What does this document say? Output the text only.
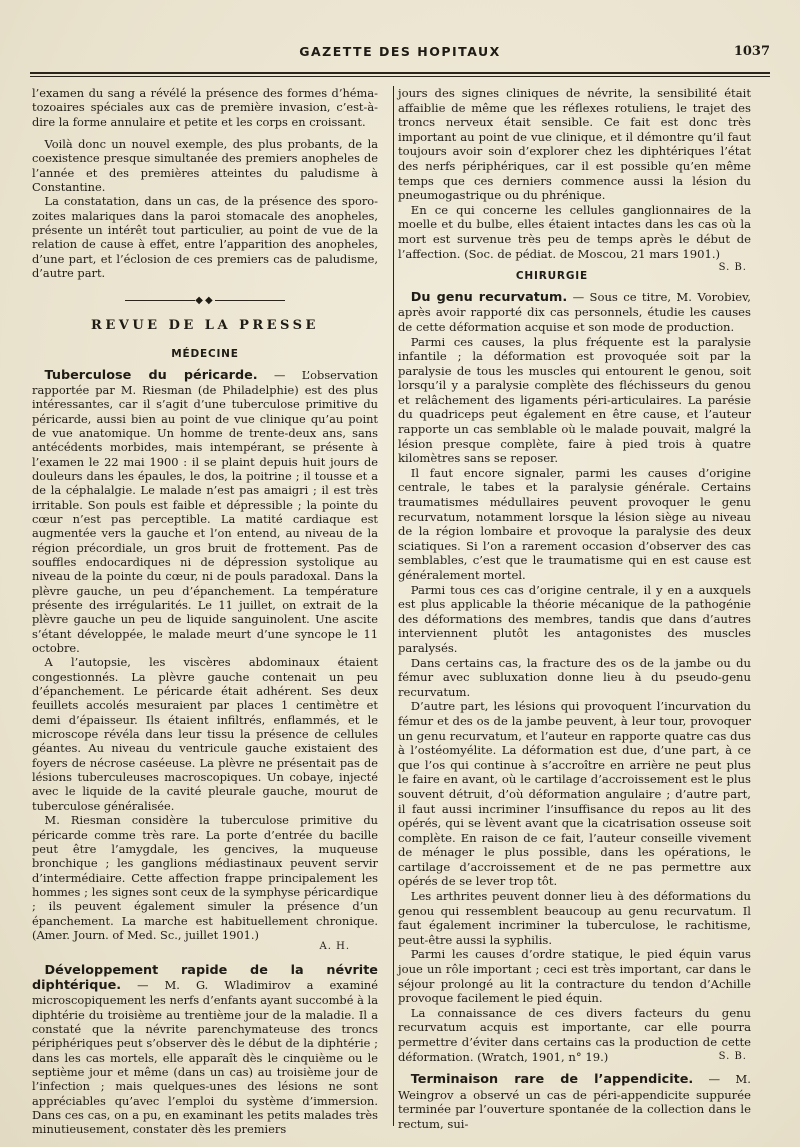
GAZETTE DES HOPITAUX	1037

l’examen du sang a révélé la présence des formes d’héma-tozoaires spéciales aux cas de première invasion, c’est-à-dire la forme annulaire et petite et les corps en croissant.

Voilà donc un nouvel exemple, des plus probants, de la coexistence presque simultanée des premiers anopheles de l’année et des premières atteintes du paludisme à Constantine.

La constatation, dans un cas, de la présence des sporo-zoites malariques dans la paroi stomacale des anopheles, présente un intérêt tout particulier, au point de vue de la relation de cause à effet, entre l’apparition des anopheles, d’une part, et l’éclosion de ces premiers cas de paludisme, d’autre part.

◆◆
REVUE DE LA PRESSE
MÉDECINE

Tuberculose du péricarde. — L’observation rapportée par M. Riesman (de Philadelphie) est des plus intéressantes, car il s’agit d’une tuberculose primitive du péricarde, aussi bien au point de vue clinique qu’au point de vue anatomique. Un homme de trente-deux ans, sans antécédents morbides, mais intempérant, se présente à l’examen le 22 mai 1900 : il se plaint depuis huit jours de douleurs dans les épaules, le dos, la poitrine ; il tousse et a de la céphalalgie. Le malade n’est pas amaigri ; il est très irritable. Son pouls est faible et dépressible ; la pointe du cœur n’est pas perceptible. La matité cardiaque est augmentée vers la gauche et l’on entend, au niveau de la région précordiale, un gros bruit de frottement. Pas de souffles endocardiques ni de dépression systolique au niveau de la pointe du cœur, ni de pouls paradoxal. Dans la plèvre gauche, un peu d’épanchement. La température présente des irrégularités. Le 11 juillet, on extrait de la plèvre gauche un peu de liquide sanguinolent. Une ascite s’étant développée, le malade meurt d’une syncope le 11 octobre.

A l’autopsie, les viscères abdominaux étaient congestionnés. La plèvre gauche contenait un peu d’épanchement. Le péricarde était adhérent. Ses deux feuillets accolés mesuraient par places 1 centimètre et demi d’épaisseur. Ils étaient infiltrés, enflammés, et le microscope révéla dans leur tissu la présence de cellules géantes. Au niveau du ventricule gauche existaient des foyers de nécrose caséeuse. La plèvre ne présentait pas de lésions tuberculeuses macroscopiques. Un cobaye, injecté avec le liquide de la cavité pleurale gauche, mourut de tuberculose généralisée.

M. Riesman considère la tuberculose primitive du péricarde comme très rare. La porte d’entrée du bacille peut être l’amygdale, les gencives, la muqueuse bronchique ; les ganglions médiastinaux peuvent servir d’intermédiaire. Cette affection frappe principalement les hommes ; les signes sont ceux de la symphyse péricardique ; ils peuvent également simuler la présence d’un épanchement. La marche est habituellement chronique. (Amer. Journ. of Med. Sc., juillet 1901.)

A. H.

Développement rapide de la névrite diphtérique. — M. G. Wladimirov a examiné microscopiquement les nerfs d’enfants ayant succombé à la diphtérie du troisième au trentième jour de la maladie. Il a constaté que la névrite parenchymateuse des troncs périphériques peut s’observer dès le début de la diphtérie ; dans les cas mortels, elle apparaît dès le cinquième ou le septième jour et même (dans un cas) au troisième jour de l’infection ; mais quelques-unes des lésions ne sont appréciables qu’avec l’emploi du système d’immersion. Dans ces cas, on a pu, en examinant les petits malades très minutieusement, constater dès les premiers

jours des signes cliniques de névrite, la sensibilité était affaiblie de même que les réflexes rotuliens, le trajet des troncs nerveux était sensible. Ce fait est donc très important au point de vue clinique, et il démontre qu’il faut toujours avoir soin d’explorer chez les diphtériques l’état des nerfs périphériques, car il est possible qu’en même temps que ces derniers commence aussi la lésion du pneumogastrique ou du phrénique.

En ce qui concerne les cellules ganglionnaires de la moelle et du bulbe, elles étaient intactes dans les cas où la mort est survenue très peu de temps après le début de l’affection. (Soc. de pédiat. de Moscou, 21 mars 1901.)
S. B.

CHIRURGIE

Du genu recurvatum. — Sous ce titre, M. Vorobiev, après avoir rapporté dix cas personnels, étudie les causes de cette déformation acquise et son mode de production.

Parmi ces causes, la plus fréquente est la paralysie infantile ; la déformation est provoquée soit par la paralysie de tous les muscles qui entourent le genou, soit lorsqu’il y a paralysie complète des fléchisseurs du genou et relâchement des ligaments péri-articulaires. La parésie du quadriceps peut également en être cause, et l’auteur rapporte un cas semblable où le malade pouvait, malgré la lésion presque complète, faire à pied trois à quatre kilomètres sans se reposer.

Il faut encore signaler, parmi les causes d’origine centrale, le tabes et la paralysie générale. Certains traumatismes médullaires peuvent provoquer le genu recurvatum, notamment lorsque la lésion siège au niveau de la région lombaire et provoque la paralysie des deux sciatiques. Si l’on a rarement occasion d’observer des cas semblables, c’est que le traumatisme qui en est cause est généralement mortel.

Parmi tous ces cas d’origine centrale, il y en a auxquels est plus applicable la théorie mécanique de la pathogénie des déformations des membres, tandis que dans d’autres interviennent plutôt les antagonistes des muscles paralysés.

Dans certains cas, la fracture des os de la jambe ou du fémur avec subluxation donne lieu à du pseudo-genu recurvatum.

D’autre part, les lésions qui provoquent l’incurvation du fémur et des os de la jambe peuvent, à leur tour, provoquer un genu recurvatum, et l’auteur en rapporte quatre cas dus à l’ostéomyélite. La déformation est due, d’une part, à ce que l’os qui continue à s’accroître en arrière ne peut plus le faire en avant, où le cartilage d’accroissement est le plus souvent détruit, d’où déformation angulaire ; d’autre part, il faut aussi incriminer l’insuffisance du repos au lit des opérés, qui se lèvent avant que la cicatrisation osseuse soit complète. En raison de ce fait, l’auteur conseille vivement de ménager le plus possible, dans les opérations, le cartilage d’accroissement et de ne pas permettre aux opérés de se lever trop tôt.

Les arthrites peuvent donner lieu à des déformations du genou qui ressemblent beaucoup au genu recurvatum. Il faut également incriminer la tuberculose, le rachitisme, peut-être aussi la syphilis.

Parmi les causes d’ordre statique, le pied équin varus joue un rôle important ; ceci est très important, car dans le séjour prolongé au lit la contracture du tendon d’Achille provoque facilement le pied équin.

La connaissance de ces divers facteurs du genu recurvatum acquis est importante, car elle pourra permettre d’éviter dans certains cas la production de cette déformation. (Wratch, 1901, n° 19.)	S. B.

Terminaison rare de l’appendicite. — M. Weingrov a observé un cas de péri-appendicite suppurée terminée par l’ouverture spontanée de la collection dans le rectum, sui-
